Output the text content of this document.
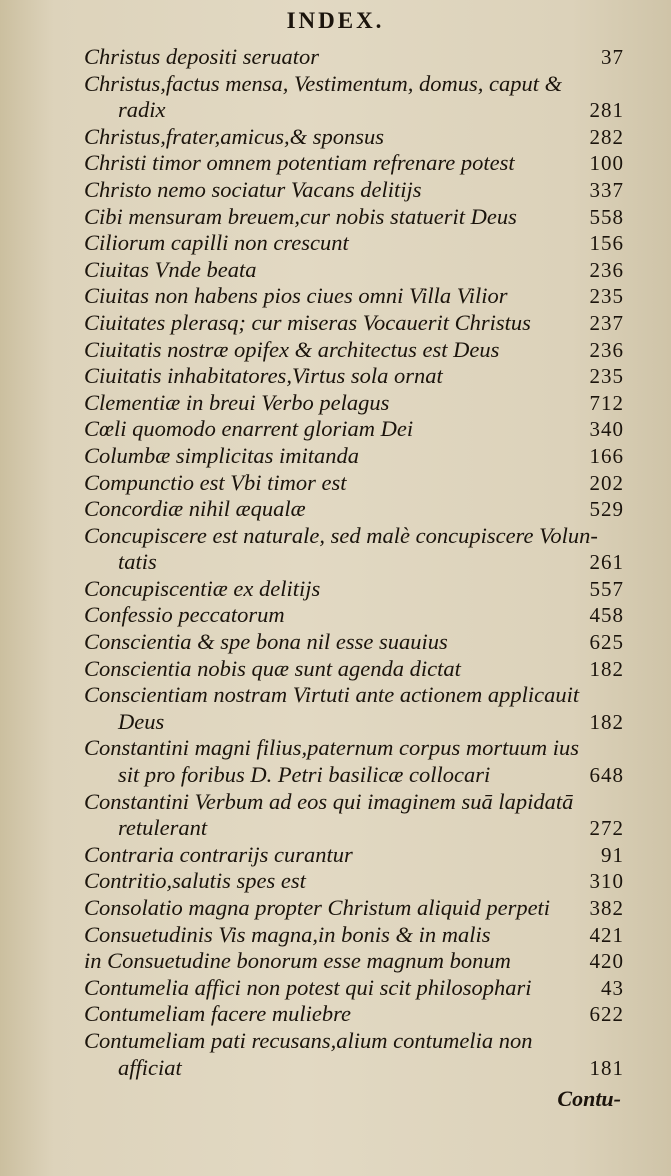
INDEX.
Christus depositi seruator	37
Christus,factus mensa, Vestimentum, domus, caput &
radix	281
Christus,frater,amicus,& sponsus	282
Christi timor omnem potentiam refrenare potest	100
Christo nemo sociatur Vacans delitijs	337
Cibi mensuram breuem,cur nobis statuerit Deus	558
Ciliorum capilli non crescunt	156
Ciuitas Vnde beata	236
Ciuitas non habens pios ciues omni Villa Vilior	235
Ciuitates plerasq; cur miseras Vocauerit Christus	237
Ciuitatis nostræ opifex & architectus est Deus	236
Ciuitatis inhabitatores,Virtus sola ornat	235
Clementiæ in breui Verbo pelagus	712
Cœli quomodo enarrent gloriam Dei	340
Columbæ simplicitas imitanda	166
Compunctio est Vbi timor est	202
Concordiæ nihil æqualæ	529
Concupiscere est naturale, sed malè concupiscere Volun-
tatis	261
Concupiscentiæ ex delitijs	557
Confessio peccatorum	458
Conscientia & spe bona nil esse suauius	625
Conscientia nobis quæ sunt agenda dictat	182
Conscientiam nostram Virtuti ante actionem applicauit
Deus	182
Constantini magni filius,paternum corpus mortuum ius
sit pro foribus D. Petri basilicæ collocari	648
Constantini Verbum ad eos qui imaginem suā lapidatā
retulerant	272
Contraria contrarijs curantur	91
Contritio,salutis spes est	310
Consolatio magna propter Christum aliquid perpeti 382
Consuetudinis Vis magna,in bonis & in malis	421
in Consuetudine bonorum esse magnum bonum	420
Contumelia affici non potest qui scit philosophari	43
Contumeliam facere muliebre	622
Contumeliam pati recusans,alium contumelia non
afficiat	181
Contu-
